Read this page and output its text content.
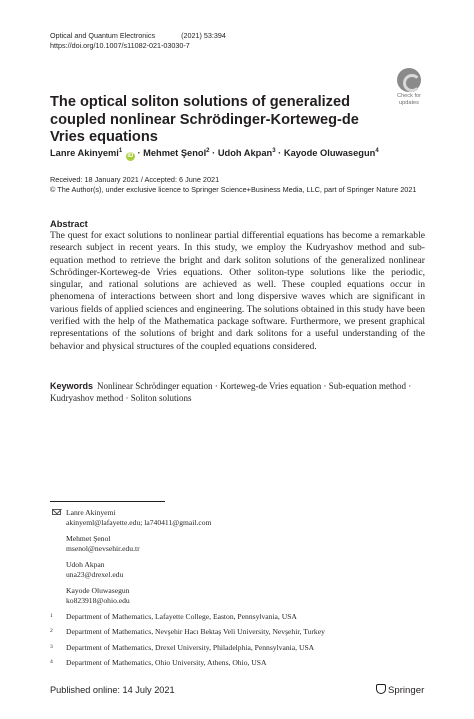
Optical and Quantum Electronics	(2021) 53:394
https://doi.org/10.1007/s11082-021-03030-7
Check for
updates
The optical soliton solutions of generalized coupled nonlinear Schrödinger-Korteweg-de Vries equations
Lanre Akinyemi$^1$ iD · Mehmet Şenol$^2$ · Udoh Akpan$^3$ · Kayode Oluwasegun$^4$
Received: 18 January 2021 / Accepted: 6 June 2021
© The Author(s), under exclusive licence to Springer Science+Business Media, LLC, part of Springer Nature 2021
Abstract
The quest for exact solutions to nonlinear partial differential equations has become a remarkable research subject in recent years. In this study, we employ the Kudryashov method and sub-equation method to retrieve the bright and dark soliton solutions of the generalized nonlinear Schrödinger-Korteweg-de Vries equations. Other soliton-type solutions like the periodic, singular, and rational solutions are achieved as well. These coupled equations occur in phenomena of interactions between short and long dispersive waves which are significant in various fields of applied sciences and engineering. The solutions obtained in this study have been verified with the help of the Mathematica package software. Furthermore, we present graphical representations of the solutions of bright and dark solitons for a useful understanding of the behavior and physical structures of the coupled equations considered.
Keywords Nonlinear Schrödinger equation · Korteweg-de Vries equation · Sub-equation method · Kudryashov method · Soliton solutions
Lanre Akinyemi
akinyeml@lafayette.edu; la740411@gmail.com
Mehmet Şenol
msenol@nevsehir.edu.tr
Udoh Akpan
una23@drexel.edu
Kayode Oluwasegun
ko823918@ohio.edu
1 Department of Mathematics, Lafayette College, Easton, Pennsylvania, USA
2 Department of Mathematics, Nevşehir Hacı Bektaş Veli University, Nevşehir, Turkey
3 Department of Mathematics, Drexel University, Philadelphia, Pennsylvania, USA
4 Department of Mathematics, Ohio University, Athens, Ohio, USA
Published online: 14 July 2021	Springer
